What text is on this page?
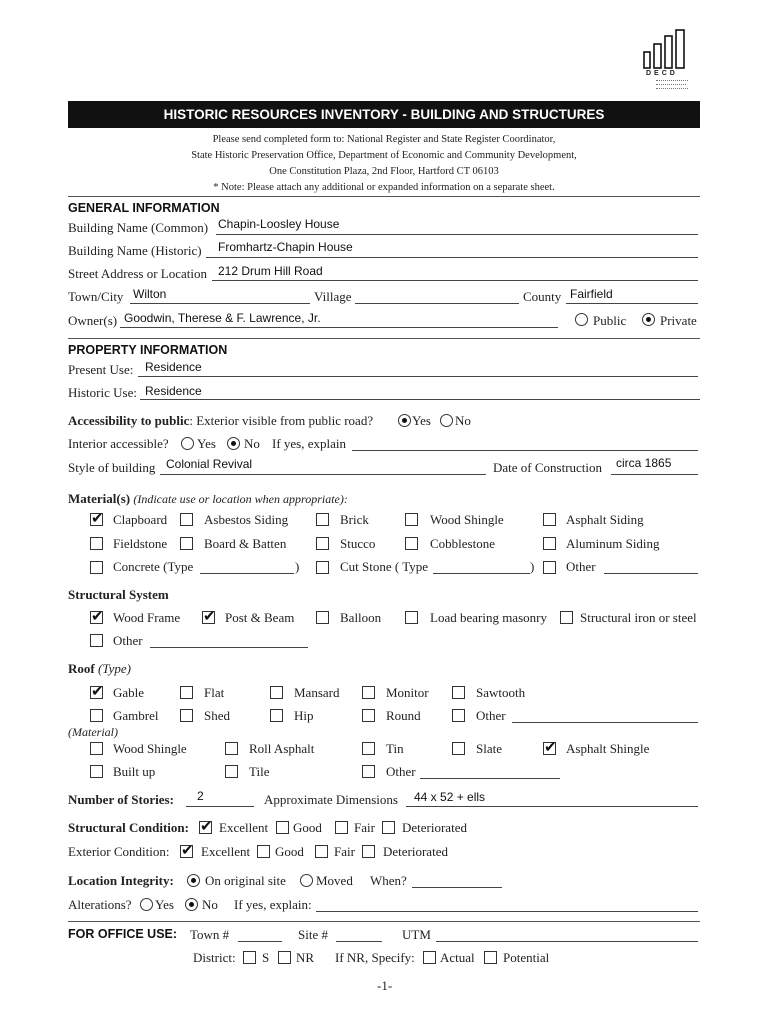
DECD
HISTORIC RESOURCES INVENTORY - BUILDING AND STRUCTURES
Please send completed form to: National Register and State Register Coordinator,
State Historic Preservation Office, Department of Economic and Community Development,
One Constitution Plaza, 2nd Floor, Hartford CT 06103
* Note: Please attach any additional or expanded information on a separate sheet.
GENERAL INFORMATION
Building Name (Common) Chapin-Loosley House
Building Name (Historic) Fromhartz-Chapin House
Street Address or Location 212 Drum Hill Road
Town/City Wilton	Village	County Fairfield
Owner(s) Goodwin, Therese & F. Lawrence, Jr.	Public	Private
PROPERTY INFORMATION
Present Use: Residence
Historic Use: Residence
Accessibility to public: Exterior visible from public road?	Yes No
Interior accessible? Yes No If yes, explain
Style of building Colonial Revival	Date of Construction circa 1865
Material(s) (Indicate use or location when appropriate):
✔
Clapboard	Asbestos Siding	Brick	Wood Shingle	Asphalt Siding
Fieldstone	Board & Batten	Stucco	Cobblestone	Aluminum Siding
Concrete (Type	)	Cut Stone ( Type	) Other
Structural System
✔
Wood Frame ✔	Post & Beam	Balloon	Load bearing masonry	Structural iron or steel
Other
Roof (Type)
✔
Gable	Flat	Mansard	Monitor	Sawtooth
Gambrel	Shed	Hip	Round	Other
(Material)
Wood Shingle	Roll Asphalt	Tin	Slate ✔	Asphalt Shingle
Built up	Tile	Other
Number of Stories: 2	Approximate Dimensions 44 x 52 + ells
Structural Condition: ✔ Excellent Good Fair Deteriorated
Exterior Condition: ✔ Excellent Good Fair Deteriorated
Location Integrity: On original site Moved When?
Alterations? Yes No If yes, explain:
FOR OFFICE USE: Town #	Site #	UTM
District: S NR If NR, Specify: Actual Potential
-1-
